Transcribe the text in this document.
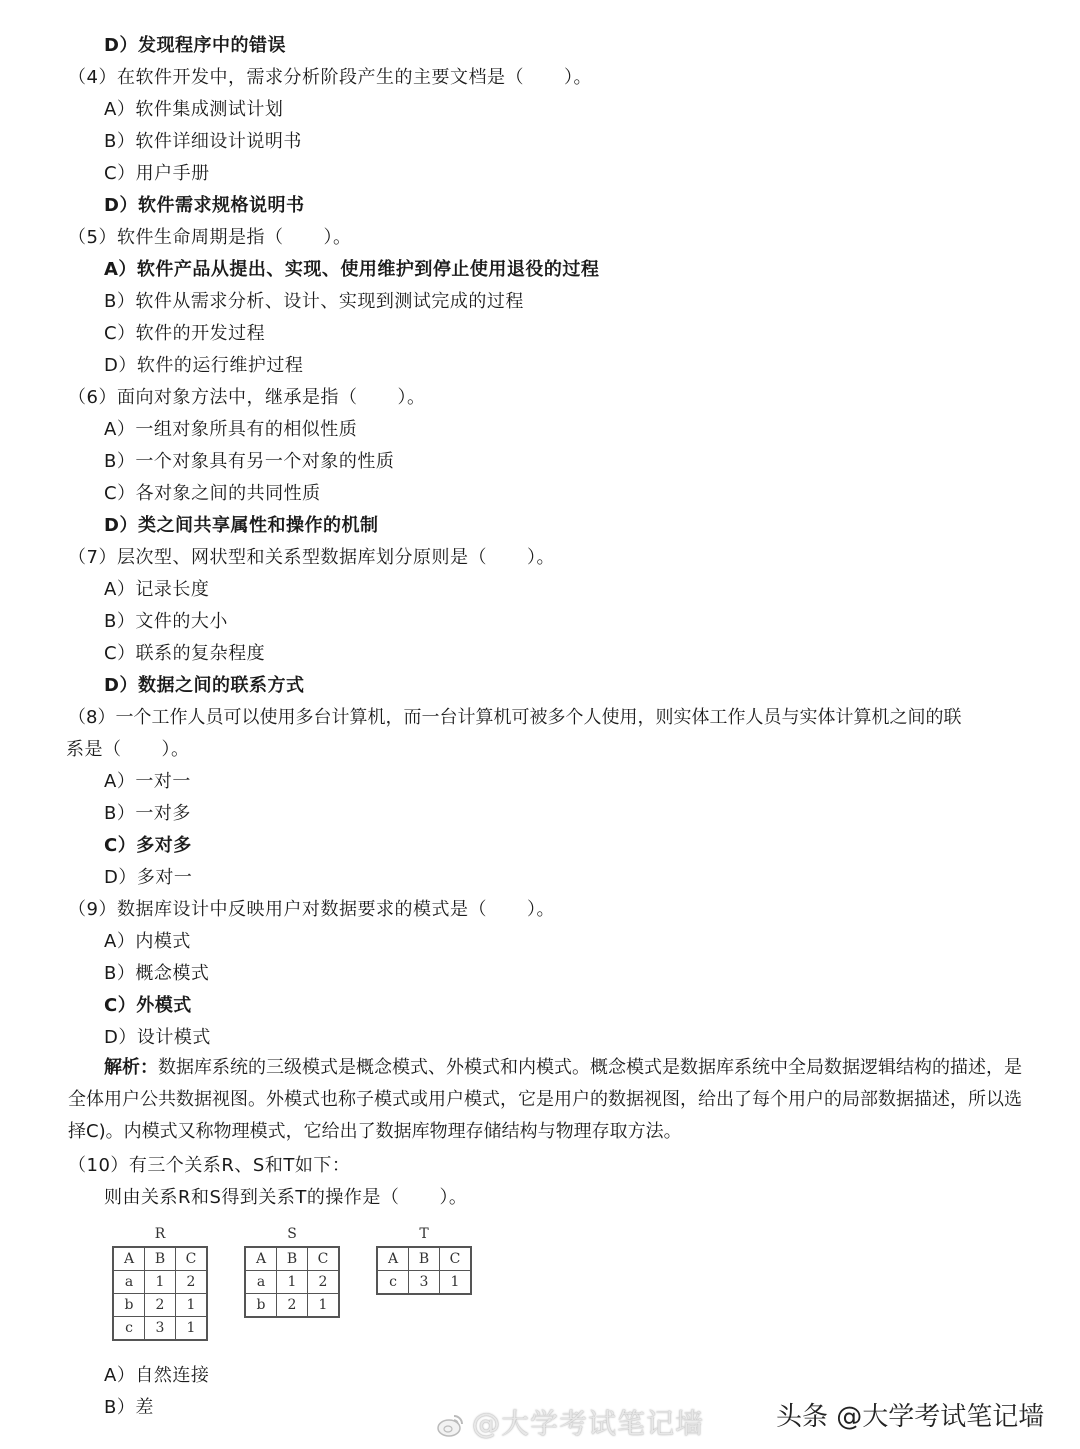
D）发现程序中的错误
（4）在软件开发中，需求分析阶段产生的主要文档是（ ）。
A）软件集成测试计划
B）软件详细设计说明书
C）用户手册
D）软件需求规格说明书
（5）软件生命周期是指（ ）。
A）软件产品从提出、实现、使用维护到停止使用退役的过程
B）软件从需求分析、设计、实现到测试完成的过程
C）软件的开发过程
D）软件的运行维护过程
（6）面向对象方法中，继承是指（ ）。
A）一组对象所具有的相似性质
B）一个对象具有另一个对象的性质
C）各对象之间的共同性质
D）类之间共享属性和操作的机制
（7）层次型、网状型和关系型数据库划分原则是（ ）。
A）记录长度
B）文件的大小
C）联系的复杂程度
D）数据之间的联系方式
（8）一个工作人员可以使用多台计算机，而一台计算机可被多个人使用，则实体工作人员与实体计算机之间的联
系是（ ）。
A）一对一
B）一对多
C）多对多
D）多对一
（9）数据库设计中反映用户对数据要求的模式是（ ）。
A）内模式
B）概念模式
C）外模式
D）设计模式
解析：数据库系统的三级模式是概念模式、外模式和内模式。概念模式是数据库系统中全局数据逻辑结构的描述，是全体用户公共数据视图。外模式也称子模式或用户模式，它是用户的数据视图，给出了每个用户的局部数据描述，所以选择C)。内模式又称物理模式，它给出了数据库物理存储结构与物理存取方法。
（10）有三个关系R、S和T如下：
则由关系R和S得到关系T的操作是（ ）。
R
A	B	C
a	1	2
b	2	1
c	3	1
S
A	B	C
a	1	2
b	2	1
T
A	B	C
c	3	1
A）自然连接
B）差	@大学考试笔记墙	头条 @大学考试笔记墙
